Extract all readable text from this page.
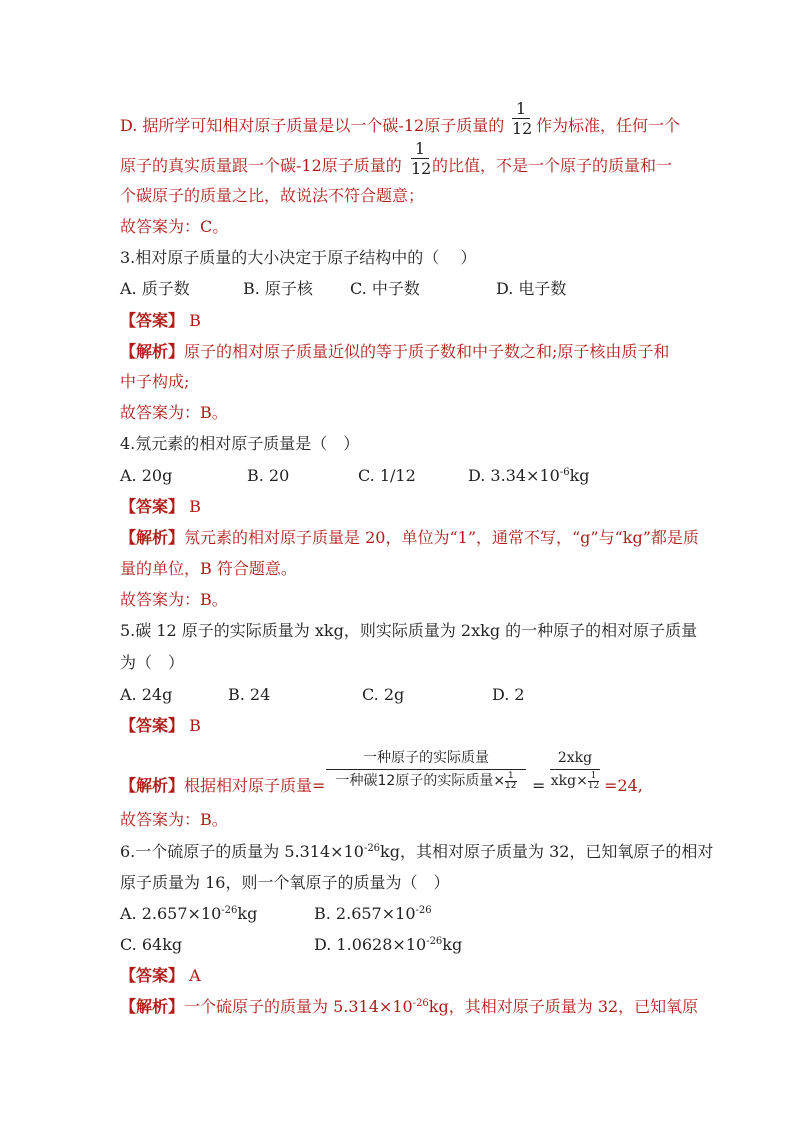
D. 据所学可知相对原子质量是以一个碳-12原子质量的
1
12 作为标准，任何一个
原子的真实质量跟一个碳-12原子质量的
1
12 的比值，不是一个原子的质量和一
个碳原子的质量之比，故说法不符合题意；
故答案为：C。
3.相对原子质量的大小决定于原子结构中的（　 ）
A. 质子数	B. 原子核 C. 中子数	D. 电子数
【答案】 B
【解析】原子的相对原子质量近似的等于质子数和中子数之和;原子核由质子和
中子构成;
故答案为：B。
4.氖元素的相对原子质量是（　）
A. 20g	B. 20	C. 1/12	D. $3.34\times 10^{-6}kg$
【答案】 B
【解析】氖元素的相对原子质量是 20，单位为“1”，通常不写，“g”与“kg”都是质
量的单位，B 符合题意。
故答案为：B。
5.碳 12 原子的实际质量为 xkg，则实际质量为 2xkg 的一种原子的相对原子质量
为（　）
A. 24g	B. 24	C. 2g	D. 2
【答案】 B
【解析】根据相对原子质量=
一种原子的实际质量
一种碳12原子的实际质量× $\frac{1}{12}$ =
2xkg
$xkg\times \frac{1}{12} =24$,
故答案为：B。
6.一个硫原子的质量为 $5.314\times 10^{-26}kg$，其相对原子质量为 32，已知氧原子的相对
原子质量为 16，则一个氧原子的质量为（　）
A. $2.657\times 10^{-26}kg$	B. $2.657\times 10^{-26}$
C. 64kg	D. $1.0628\times 10^{-26}kg$
【答案】 A
【解析】一个硫原子的质量为 $5.314\times 10^{-26}kg$，其相对原子质量为 32，已知氧原
